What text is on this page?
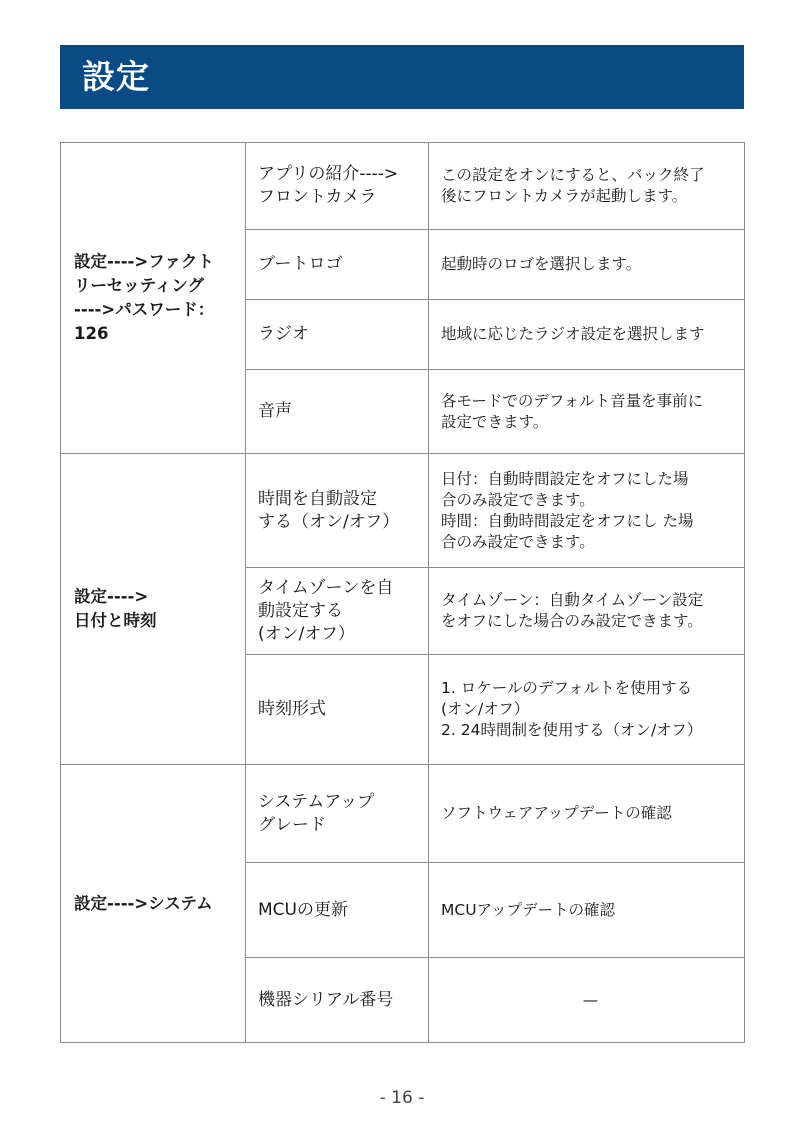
設定
設定---->ファクト
リーセッティング
---->パスワード：
126	アプリの紹介---->
フロントカメラ	この設定をオンにすると、バック終了
後にフロントカメラが起動します。
	ブートロゴ	起動時のロゴを選択します。
	ラジオ	地域に応じたラジオ設定を選択します
	音声	各モードでのデフォルト音量を事前に
設定できます。
設定---->
日付と時刻	時間を自動設定
する（オン/オフ）	日付：自動時間設定をオフにした場
合のみ設定できます。
時間：自動時間設定をオフにし た場
合のみ設定できます。
	タイムゾーンを自
動設定する
(オン/オフ）	タイムゾーン：自動タイムゾーン設定
をオフにした場合のみ設定できます。
	時刻形式	1. ロケールのデフォルトを使用する
(オン/オフ）
2. 24時間制を使用する（オン/オフ）
設定---->システム	システムアップ
グレード	ソフトウェアアップデートの確認
	MCUの更新	MCUアップデートの確認
	機器シリアル番号	—
- 16 -
